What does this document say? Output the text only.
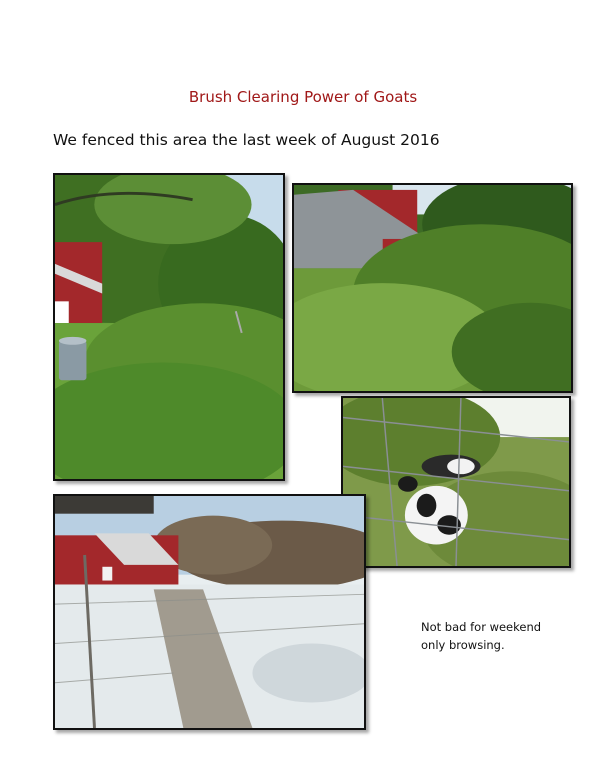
Brush Clearing Power of Goats
We fenced this area the last week of August 2016
Not bad for weekend
only browsing.
